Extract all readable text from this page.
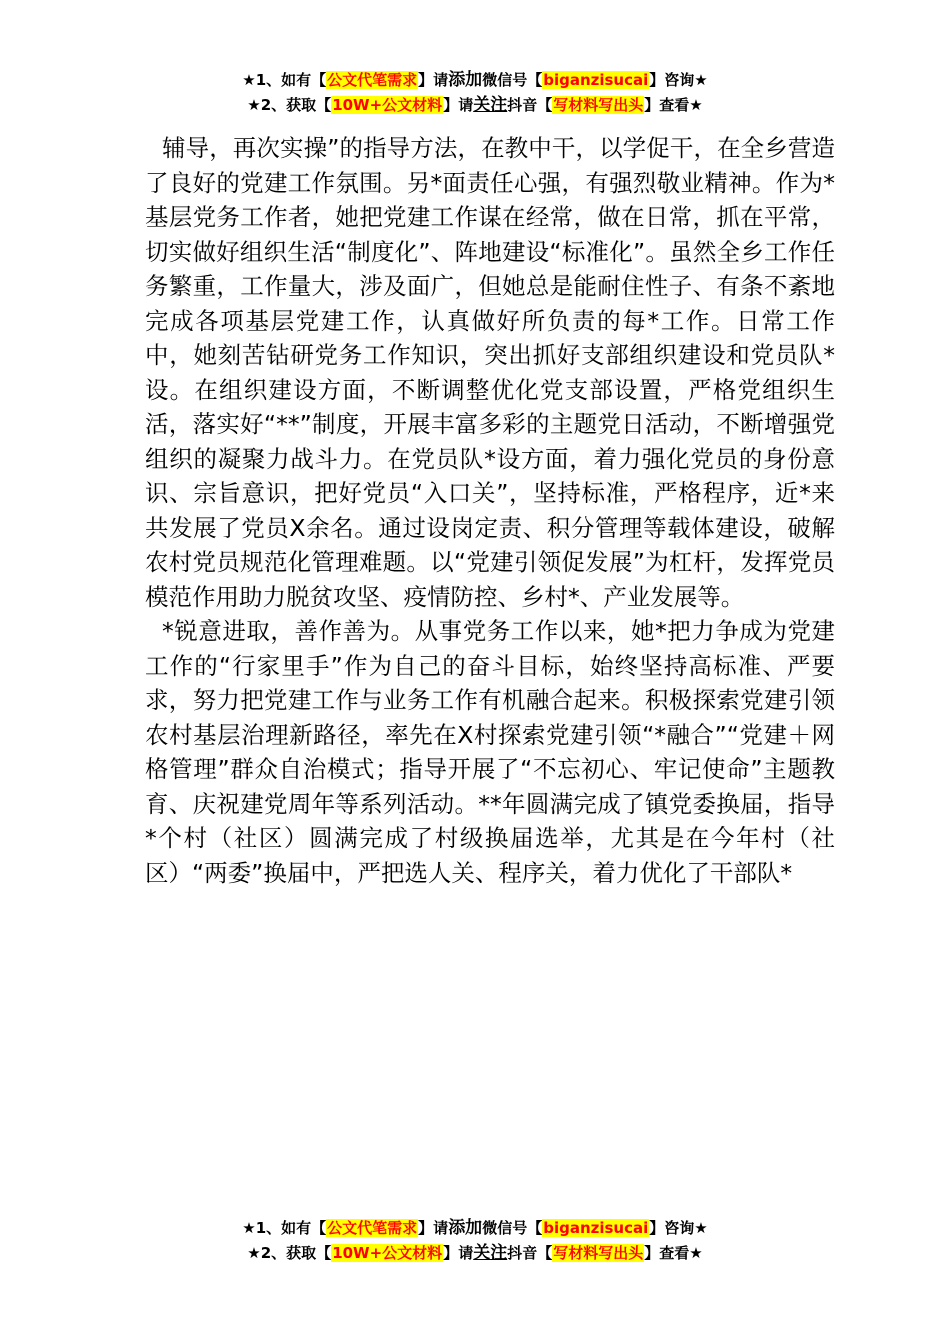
★1、如有【公文代笔需求】请添加微信号【biganzisucai】咨询★
★2、获取【10W+公文材料】请关注抖音【写材料写出头】查看★

辅导，再次实操”的指导方法，在教中干，以学促干，在全乡营造了良好的党建工作氛围。另*面责任心强，有强烈敬业精神。作为*基层党务工作者，她把党建工作谋在经常，做在日常，抓在平常，切实做好组织生活“制度化”、阵地建设“标准化”。虽然全乡工作任务繁重，工作量大，涉及面广，但她总是能耐住性子、有条不紊地完成各项基层党建工作，认真做好所负责的每*工作。日常工作中，她刻苦钻研党务工作知识，突出抓好支部组织建设和党员队*设。在组织建设方面，不断调整优化党支部设置，严格党组织生活，落实好“**”制度，开展丰富多彩的主题党日活动，不断增强党组织的凝聚力战斗力。在党员队*设方面，着力强化党员的身份意识、宗旨意识，把好党员“入口关”，坚持标准，严格程序，近*来共发展了党员X余名。通过设岗定责、积分管理等载体建设，破解农村党员规范化管理难题。以“党建引领促发展”为杠杆，发挥党员模范作用助力脱贫攻坚、疫情防控、乡村*、产业发展等。

*锐意进取，善作善为。从事党务工作以来，她*把力争成为党建工作的“行家里手”作为自己的奋斗目标，始终坚持高标准、严要求，努力把党建工作与业务工作有机融合起来。积极探索党建引领农村基层治理新路径，率先在X村探索党建引领“*融合”“党建＋网格管理”群众自治模式；指导开展了“不忘初心、牢记使命”主题教育、庆祝建党周年等系列活动。**年圆满完成了镇党委换届，指导*个村（社区）圆满完成了村级换届选举，尤其是在今年村（社区）“两委”换届中，严把选人关、程序关，着力优化了干部队*

★1、如有【公文代笔需求】请添加微信号【biganzisucai】咨询★
★2、获取【10W+公文材料】请关注抖音【写材料写出头】查看★
